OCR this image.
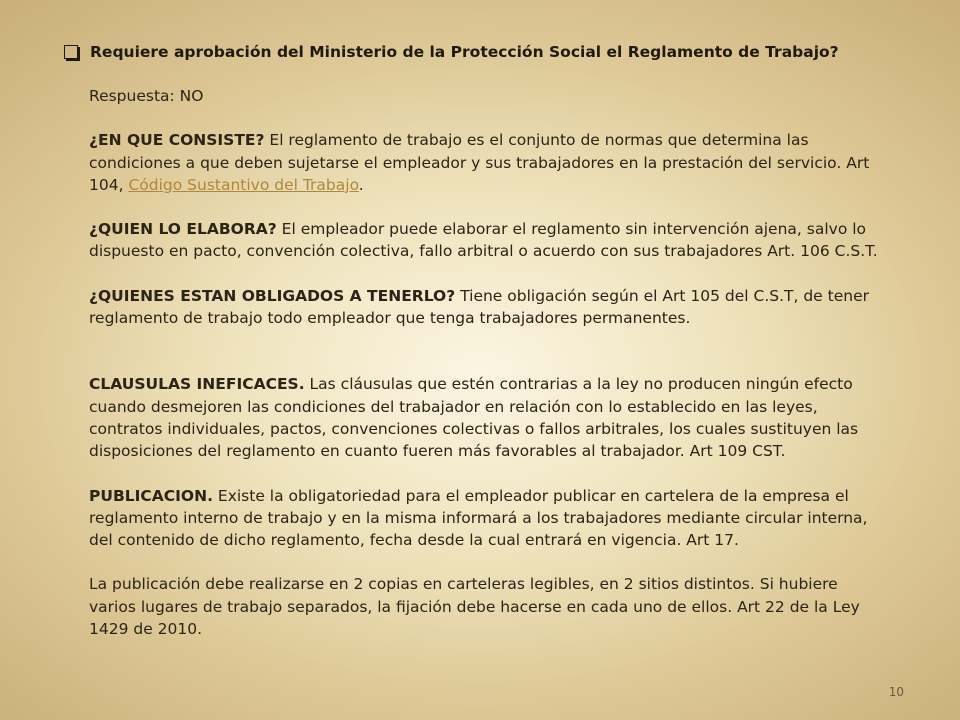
Requiere aprobación del Ministerio de la Protección Social el Reglamento de Trabajo?

Respuesta: NO

¿EN QUE CONSISTE? El reglamento de trabajo es el conjunto de normas que determina las condiciones a que deben sujetarse el empleador y sus trabajadores en la prestación del servicio. Art 104, Código Sustantivo del Trabajo.

¿QUIEN LO ELABORA? El empleador puede elaborar el reglamento sin intervención ajena, salvo lo dispuesto en pacto, convención colectiva, fallo arbitral o acuerdo con sus trabajadores Art. 106 C.S.T.

¿QUIENES ESTAN OBLIGADOS A TENERLO? Tiene obligación según el Art 105 del C.S.T, de tener reglamento de trabajo todo empleador que tenga trabajadores permanentes.

CLAUSULAS INEFICACES. Las cláusulas que estén contrarias a la ley no producen ningún efecto cuando desmejoren las condiciones del trabajador en relación con lo establecido en las leyes, contratos individuales, pactos, convenciones colectivas o fallos arbitrales, los cuales sustituyen las disposiciones del reglamento en cuanto fueren más favorables al trabajador. Art 109 CST.

PUBLICACION. Existe la obligatoriedad para el empleador publicar en cartelera de la empresa el reglamento interno de trabajo y en la misma informará a los trabajadores mediante circular interna, del contenido de dicho reglamento, fecha desde la cual entrará en vigencia. Art 17.

La publicación debe realizarse en 2 copias en carteleras legibles, en 2 sitios distintos. Si hubiere varios lugares de trabajo separados, la fijación debe hacerse en cada uno de ellos. Art 22 de la Ley 1429 de 2010.

10
